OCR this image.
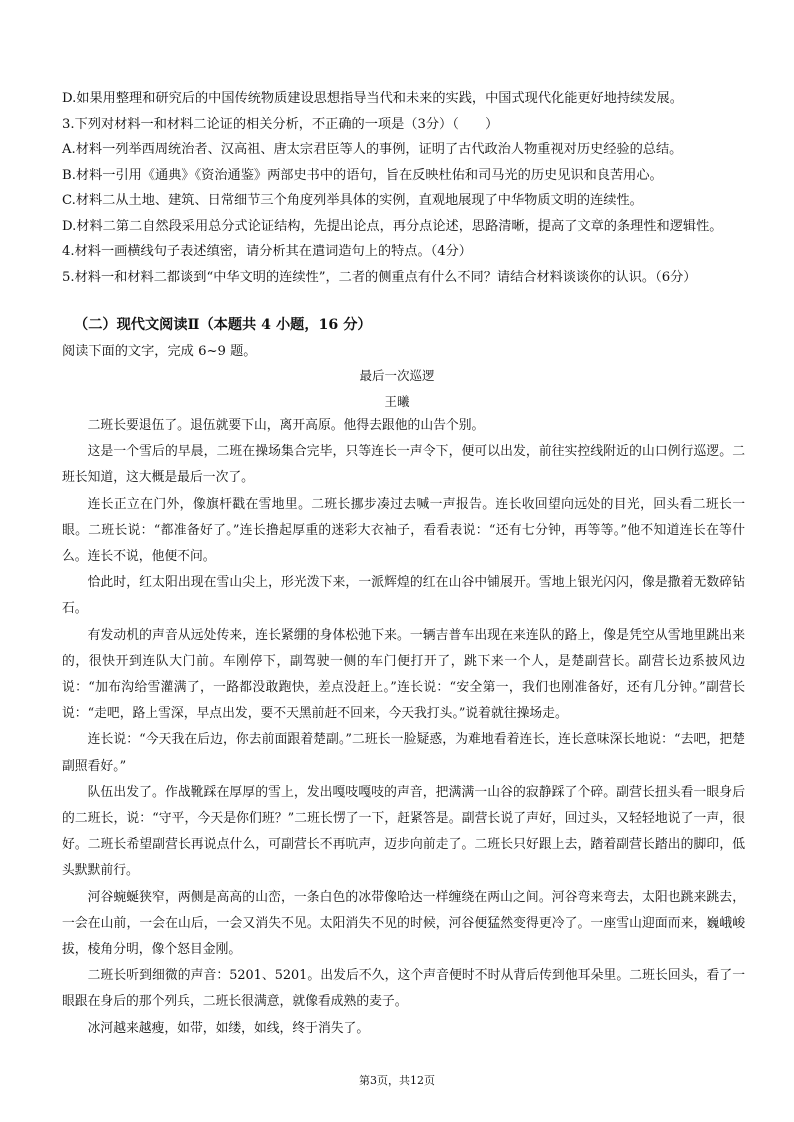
D.如果用整理和研究后的中国传统物质建设思想指导当代和未来的实践，中国式现代化能更好地持续发展。

3.下列对材料一和材料二论证的相关分析，不正确的一项是（3分）（　　）

A.材料一列举西周统治者、汉高祖、唐太宗君臣等人的事例，证明了古代政治人物重视对历史经验的总结。

B.材料一引用《通典》《资治通鉴》两部史书中的语句，旨在反映杜佑和司马光的历史见识和良苦用心。

C.材料二从土地、建筑、日常细节三个角度列举具体的实例，直观地展现了中华物质文明的连续性。

D.材料二第二自然段采用总分式论证结构，先提出论点，再分点论述，思路清晰，提高了文章的条理性和逻辑性。

4.材料一画横线句子表述缜密，请分析其在遣词造句上的特点。（4分）

5.材料一和材料二都谈到“中华文明的连续性”，二者的侧重点有什么不同？请结合材料谈谈你的认识。（6分）

（二）现代文阅读Ⅱ（本题共 4 小题，16 分）
阅读下面的文字，完成 6~9 题。
最后一次巡逻
王曦

二班长要退伍了。退伍就要下山，离开高原。他得去跟他的山告个别。

这是一个雪后的早晨，二班在操场集合完毕，只等连长一声令下，便可以出发，前往实控线附近的山口例行巡逻。二班长知道，这大概是最后一次了。

连长正立在门外，像旗杆戳在雪地里。二班长挪步凑过去喊一声报告。连长收回望向远处的目光，回头看二班长一眼。二班长说：“都准备好了。”连长撸起厚重的迷彩大衣袖子，看看表说：“还有七分钟，再等等。”他不知道连长在等什么。连长不说，他便不问。

恰此时，红太阳出现在雪山尖上，形光泼下来，一派辉煌的红在山谷中铺展开。雪地上银光闪闪，像是撒着无数碎钻石。

有发动机的声音从远处传来，连长紧绷的身体松弛下来。一辆吉普车出现在来连队的路上，像是凭空从雪地里跳出来的，很快开到连队大门前。车刚停下，副驾驶一侧的车门便打开了，跳下来一个人，是楚副营长。副营长边系披风边说：“加布沟给雪灌满了，一路都没敢跑快，差点没赶上。”连长说：“安全第一，我们也刚准备好，还有几分钟。”副营长说：“走吧，路上雪深，早点出发，要不天黑前赶不回来，今天我打头。”说着就往操场走。

连长说：“今天我在后边，你去前面跟着楚副。”二班长一脸疑惑，为难地看着连长，连长意味深长地说：“去吧，把楚副照看好。”

队伍出发了。作战靴踩在厚厚的雪上，发出嘎吱嘎吱的声音，把满满一山谷的寂静踩了个碎。副营长扭头看一眼身后的二班长，说：“守平，今天是你们班？”二班长愣了一下，赶紧答是。副营长说了声好，回过头，又轻轻地说了一声，很好。二班长希望副营长再说点什么，可副营长不再吭声，迈步向前走了。二班长只好跟上去，踏着副营长踏出的脚印，低头默默前行。

河谷蜿蜒狭窄，两侧是高高的山峦，一条白色的冰带像哈达一样缠绕在两山之间。河谷弯来弯去，太阳也跳来跳去，一会在山前，一会在山后，一会又消失不见。太阳消失不见的时候，河谷便猛然变得更冷了。一座雪山迎面而来，巍峨峻拔，棱角分明，像个怒目金刚。

二班长听到细微的声音：5201、5201。出发后不久，这个声音便时不时从背后传到他耳朵里。二班长回头，看了一眼跟在身后的那个列兵，二班长很满意，就像看成熟的麦子。

冰河越来越瘦，如带，如缕，如线，终于消失了。

第3页，共12页
